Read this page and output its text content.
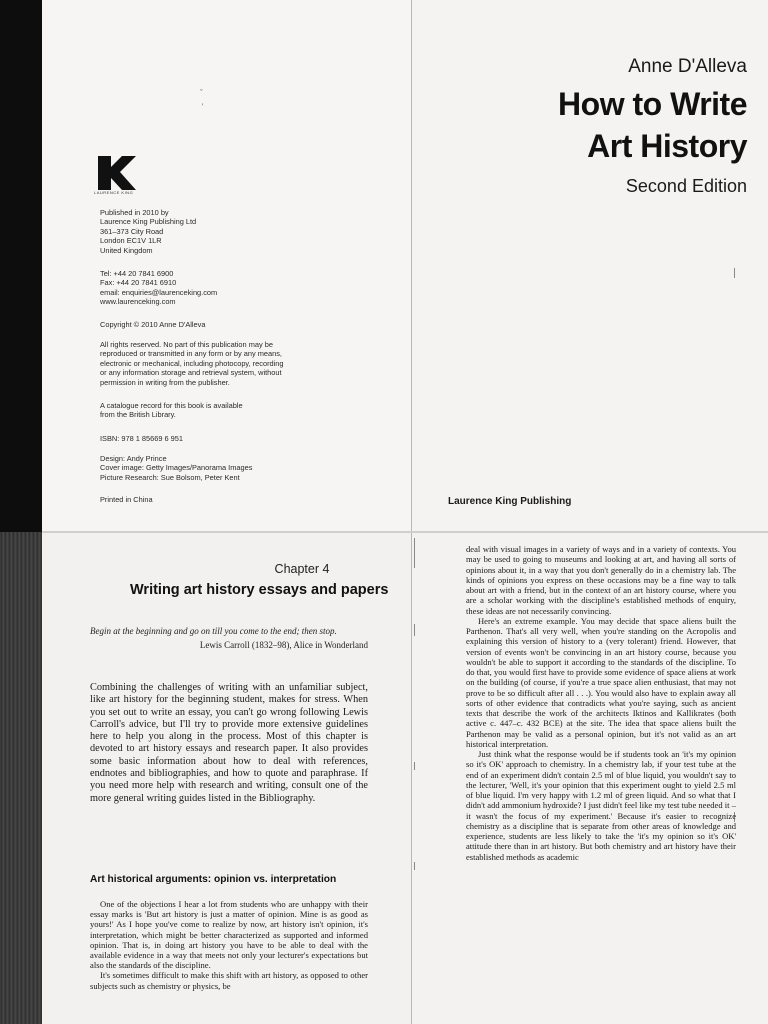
ˇ
'
LAURENCE KING
Published in 2010 by
Laurence King Publishing Ltd
361–373 City Road
London EC1V 1LR
United Kingdom
Tel: +44 20 7841 6900
Fax: +44 20 7841 6910
email: enquiries@laurenceking.com
www.laurenceking.com
Copyright © 2010 Anne D'Alleva
All rights reserved. No part of this publication may be
reproduced or transmitted in any form or by any means,
electronic or mechanical, including photocopy, recording
or any information storage and retrieval system, without
permission in writing from the publisher.
A catalogue record for this book is available
from the British Library.
ISBN: 978 1 85669 6 951
Design: Andy Prince
Cover image: Getty Images/Panorama Images
Picture Research: Sue Bolsom, Peter Kent
Printed in China
Anne D'Alleva
How to Write
Art History
Second Edition
Laurence King Publishing
Chapter 4
Writing art history essays and papers
Begin at the beginning and go on till you come to the end; then stop.
Lewis Carroll (1832–98), Alice in Wonderland
Combining the challenges of writing with an unfamiliar subject, like art history for the beginning student, makes for stress. When you set out to write an essay, you can't go wrong following Lewis Carroll's advice, but I'll try to provide more extensive guidelines here to help you along in the process. Most of this chapter is devoted to art history essays and research paper. It also provides some basic information about how to deal with references, endnotes and bibliographies, and how to quote and paraphrase. If you need more help with research and writing, consult one of the more general writing guides listed in the Bibliography.
Art historical arguments: opinion vs. interpretation

One of the objections I hear a lot from students who are unhappy with their essay marks is 'But art history is just a matter of opinion. Mine is as good as yours!' As I hope you've come to realize by now, art history isn't opinion, it's interpretation, which might be better characterized as supported and informed opinion. That is, in doing art history you have to be able to deal with the available evidence in a way that meets not only your lecturer's expectations but also the standards of the discipline.

It's sometimes difficult to make this shift with art history, as opposed to other subjects such as chemistry or physics, be

deal with visual images in a variety of ways and in a variety of contexts. You may be used to going to museums and looking at art, and having all sorts of opinions about it, in a way that you don't generally do in a chemistry lab. The kinds of opinions you express on these occasions may be a fine way to talk about art with a friend, but in the context of an art history course, where you are a scholar working with the discipline's established methods of enquiry, these ideas are not necessarily convincing.

Here's an extreme example. You may decide that space aliens built the Parthenon. That's all very well, when you're standing on the Acropolis and explaining this version of history to a (very tolerant) friend. However, that version of events won't be convincing in an art history course, because you wouldn't be able to support it according to the standards of the discipline. To do that, you would first have to provide some evidence of space aliens at work on the building (of course, if you're a true space alien enthusiast, that may not prove to be so difficult after all . . .). You would also have to explain away all sorts of other evidence that contradicts what you're saying, such as ancient texts that describe the work of the architects Iktinos and Kallikrates (both active c. 447–c. 432 BCE) at the site. The idea that space aliens built the Parthenon may be valid as a personal opinion, but it's not valid as an art historical interpretation.

Just think what the response would be if students took an 'it's my opinion so it's OK' approach to chemistry. In a chemistry lab, if your test tube at the end of an experiment didn't contain 2.5 ml of blue liquid, you wouldn't say to the lecturer, 'Well, it's your opinion that this experiment ought to yield 2.5 ml of blue liquid. I'm very happy with 1.2 ml of green liquid. And so what that I didn't add ammonium hydroxide? I just didn't feel like my test tube needed it – it wasn't the focus of my experiment.' Because it's easier to recognize chemistry as a discipline that is separate from other areas of knowledge and experience, students are less likely to take the 'it's my opinion so it's OK' attitude there than in art history. But both chemistry and art history have their established methods as academic
